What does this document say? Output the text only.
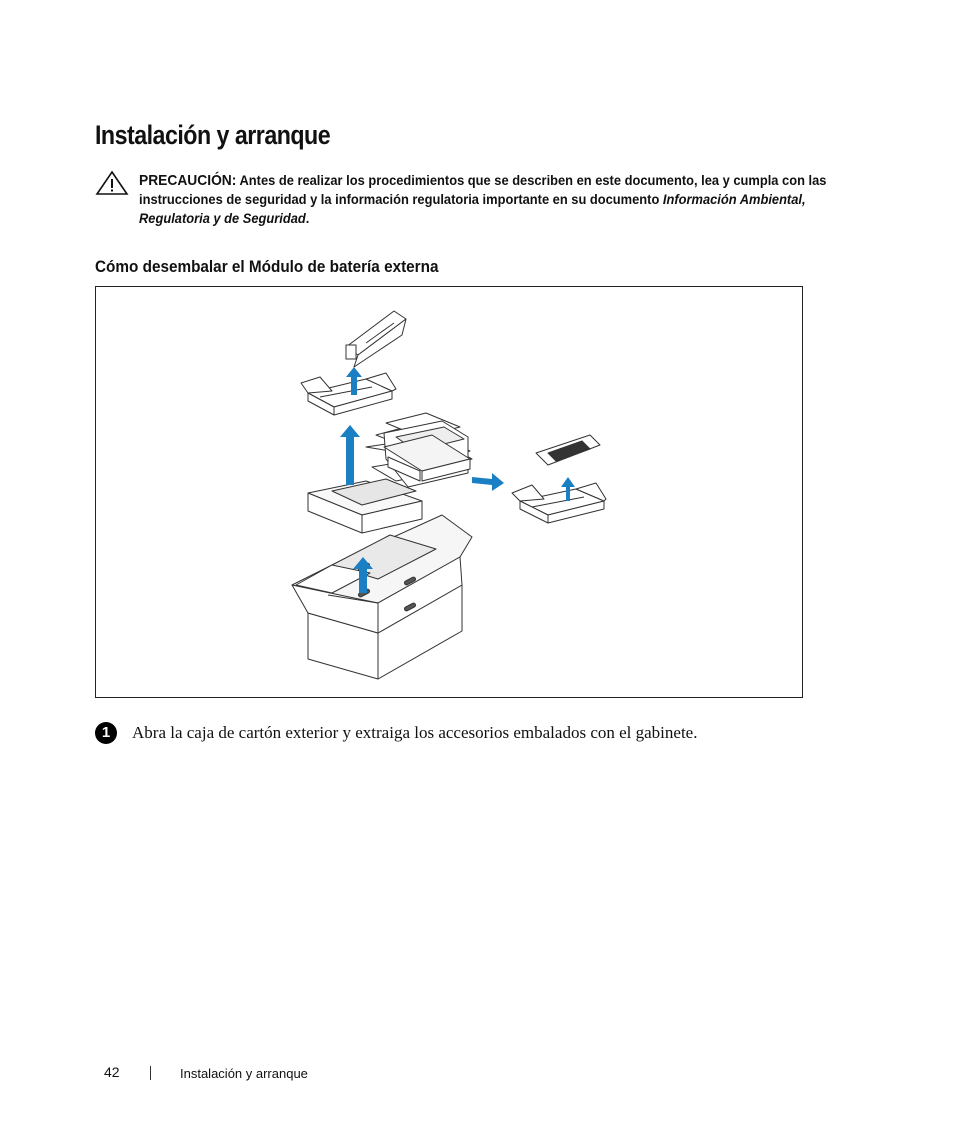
Instalación y arranque
PRECAUCIÓN: Antes de realizar los procedimientos que se describen en este documento, lea y cumpla con las instrucciones de seguridad y la información regulatoria importante en su documento Información Ambiental, Regulatoria y de Seguridad.
Cómo desembalar el Módulo de batería externa
1	Abra la caja de cartón exterior y extraiga los accesorios embalados con el gabinete.
42	Instalación y arranque
